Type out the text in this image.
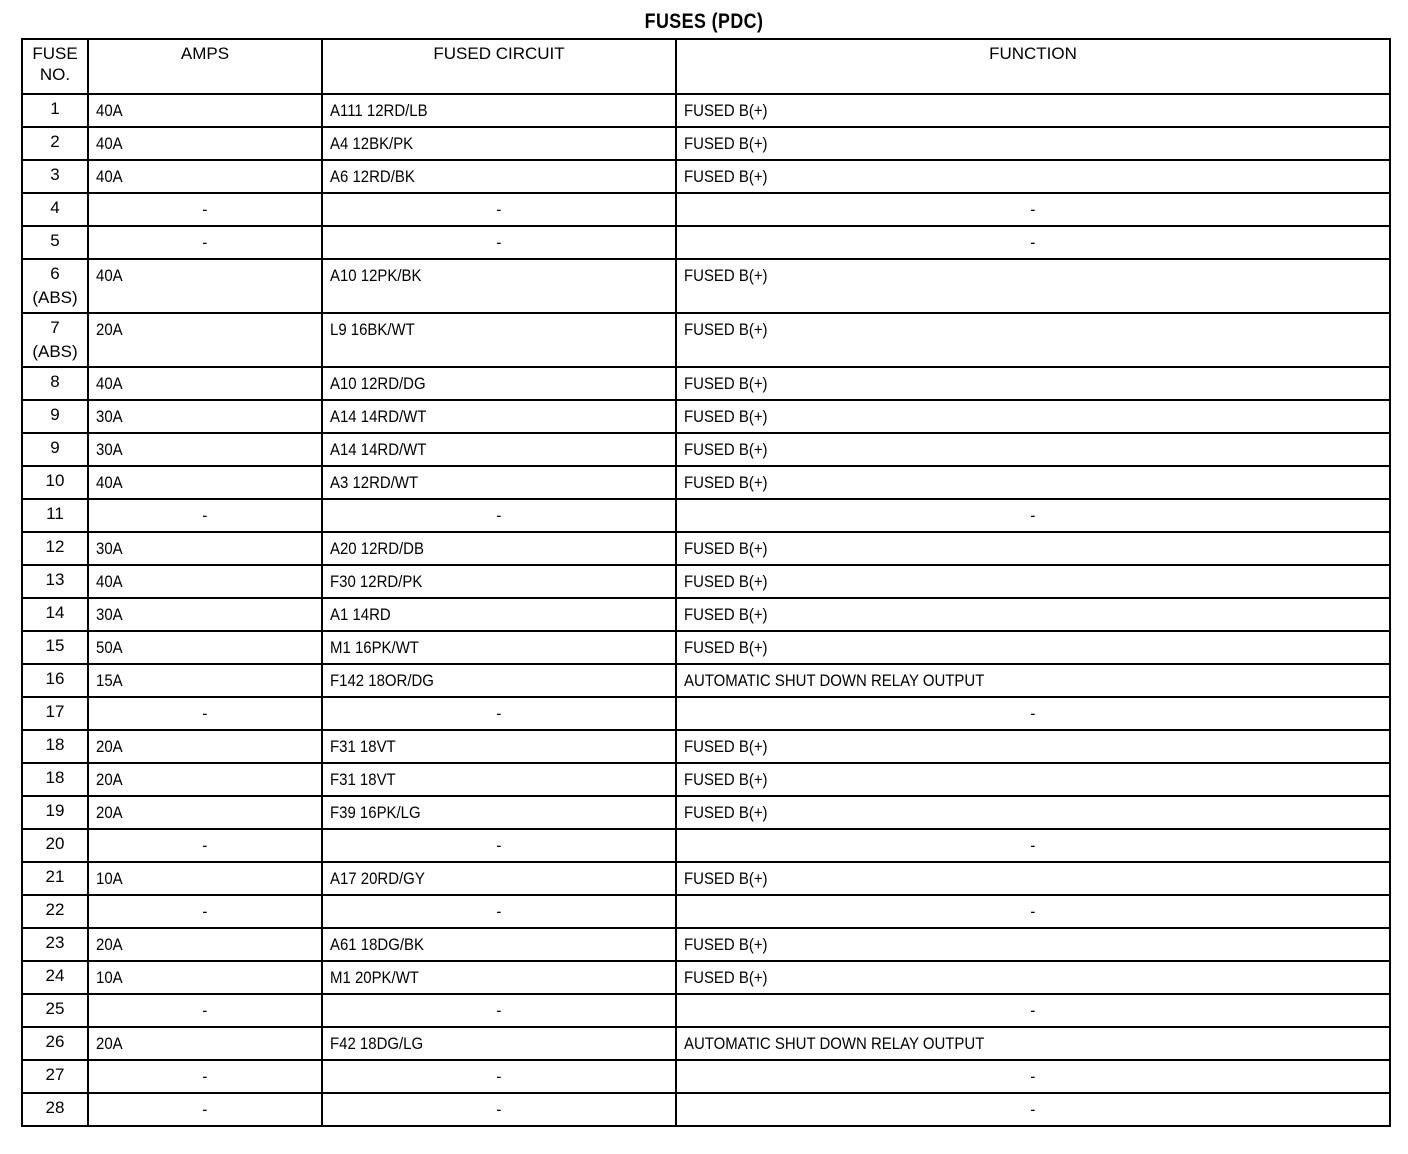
FUSES (PDC)
FUSE
NO.	AMPS	FUSED CIRCUIT	FUNCTION

1	40A	A111 12RD/LB	FUSED B(+)

2	40A	A4 12BK/PK	FUSED B(+)

3	40A	A6 12RD/BK	FUSED B(+)

4	-	-	-

5	-	-	-

6
(ABS)	40A	A10 12PK/BK	FUSED B(+)

7
(ABS)	20A	L9 16BK/WT	FUSED B(+)

8	40A	A10 12RD/DG	FUSED B(+)

9	30A	A14 14RD/WT	FUSED B(+)

9	30A	A14 14RD/WT	FUSED B(+)

10	40A	A3 12RD/WT	FUSED B(+)

11	-	-	-

12	30A	A20 12RD/DB	FUSED B(+)

13	40A	F30 12RD/PK	FUSED B(+)

14	30A	A1 14RD	FUSED B(+)

15	50A	M1 16PK/WT	FUSED B(+)

16	15A	F142 18OR/DG	AUTOMATIC SHUT DOWN RELAY OUTPUT

17	-	-	-

18	20A	F31 18VT	FUSED B(+)

18	20A	F31 18VT	FUSED B(+)

19	20A	F39 16PK/LG	FUSED B(+)

20	-	-	-

21	10A	A17 20RD/GY	FUSED B(+)

22	-	-	-

23	20A	A61 18DG/BK	FUSED B(+)

24	10A	M1 20PK/WT	FUSED B(+)

25	-	-	-

26	20A	F42 18DG/LG	AUTOMATIC SHUT DOWN RELAY OUTPUT

27	-	-	-

28	-	-	-
